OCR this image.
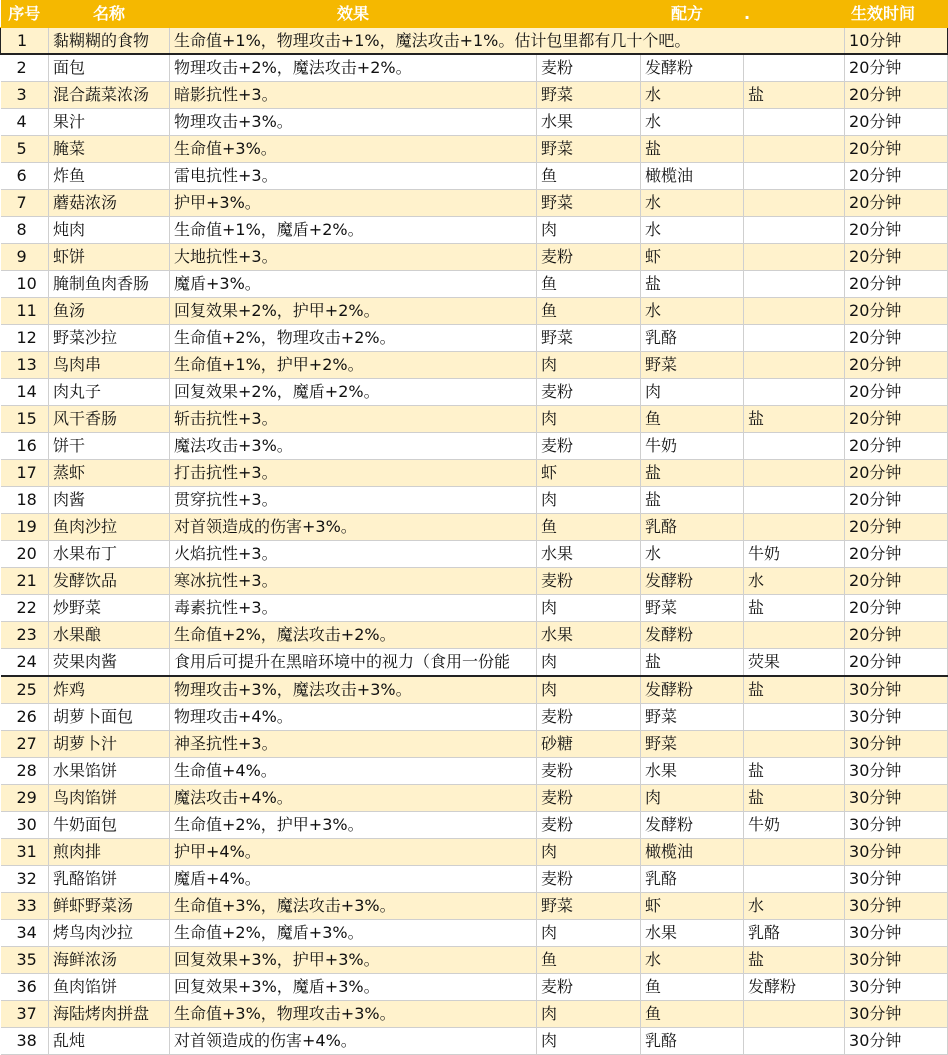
序号	名称	效果	配方		.	生效时间
1	黏糊糊的食物	生命值+1%，物理攻击+1%，魔法攻击+1%。估计包里都有几十个吧。				10分钟
2	面包	物理攻击+2%，魔法攻击+2%。	麦粉	发酵粉		20分钟
3	混合蔬菜浓汤	暗影抗性+3。	野菜	水	盐	20分钟
4	果汁	物理攻击+3%。	水果	水		20分钟
5	腌菜	生命值+3%。	野菜	盐		20分钟
6	炸鱼	雷电抗性+3。	鱼	橄榄油		20分钟
7	蘑菇浓汤	护甲+3%。	野菜	水		20分钟
8	炖肉	生命值+1%，魔盾+2%。	肉	水		20分钟
9	虾饼	大地抗性+3。	麦粉	虾		20分钟
10	腌制鱼肉香肠	魔盾+3%。	鱼	盐		20分钟
11	鱼汤	回复效果+2%，护甲+2%。	鱼	水		20分钟
12	野菜沙拉	生命值+2%，物理攻击+2%。	野菜	乳酪		20分钟
13	鸟肉串	生命值+1%，护甲+2%。	肉	野菜		20分钟
14	肉丸子	回复效果+2%，魔盾+2%。	麦粉	肉		20分钟
15	风干香肠	斩击抗性+3。	肉	鱼	盐	20分钟
16	饼干	魔法攻击+3%。	麦粉	牛奶		20分钟
17	蒸虾	打击抗性+3。	虾	盐		20分钟
18	肉酱	贯穿抗性+3。	肉	盐		20分钟
19	鱼肉沙拉	对首领造成的伤害+3%。	鱼	乳酪		20分钟
20	水果布丁	火焰抗性+3。	水果	水	牛奶	20分钟
21	发酵饮品	寒冰抗性+3。	麦粉	发酵粉	水	20分钟
22	炒野菜	毒素抗性+3。	肉	野菜	盐	20分钟
23	水果酿	生命值+2%，魔法攻击+2%。	水果	发酵粉		20分钟
24	荧果肉酱	食用后可提升在黑暗环境中的视力（食用一份能	肉	盐	荧果	20分钟
25	炸鸡	物理攻击+3%，魔法攻击+3%。	肉	发酵粉	盐	30分钟
26	胡萝卜面包	物理攻击+4%。	麦粉	野菜		30分钟
27	胡萝卜汁	神圣抗性+3。	砂糖	野菜		30分钟
28	水果馅饼	生命值+4%。	麦粉	水果	盐	30分钟
29	鸟肉馅饼	魔法攻击+4%。	麦粉	肉	盐	30分钟
30	牛奶面包	生命值+2%，护甲+3%。	麦粉	发酵粉	牛奶	30分钟
31	煎肉排	护甲+4%。	肉	橄榄油		30分钟
32	乳酪馅饼	魔盾+4%。	麦粉	乳酪		30分钟
33	鲜虾野菜汤	生命值+3%，魔法攻击+3%。	野菜	虾	水	30分钟
34	烤鸟肉沙拉	生命值+2%，魔盾+3%。	肉	水果	乳酪	30分钟
35	海鲜浓汤	回复效果+3%，护甲+3%。	鱼	水	盐	30分钟
36	鱼肉馅饼	回复效果+3%，魔盾+3%。	麦粉	鱼	发酵粉	30分钟
37	海陆烤肉拼盘	生命值+3%，物理攻击+3%。	肉	鱼		30分钟
38	乱炖	对首领造成的伤害+4%。	肉	乳酪		30分钟
